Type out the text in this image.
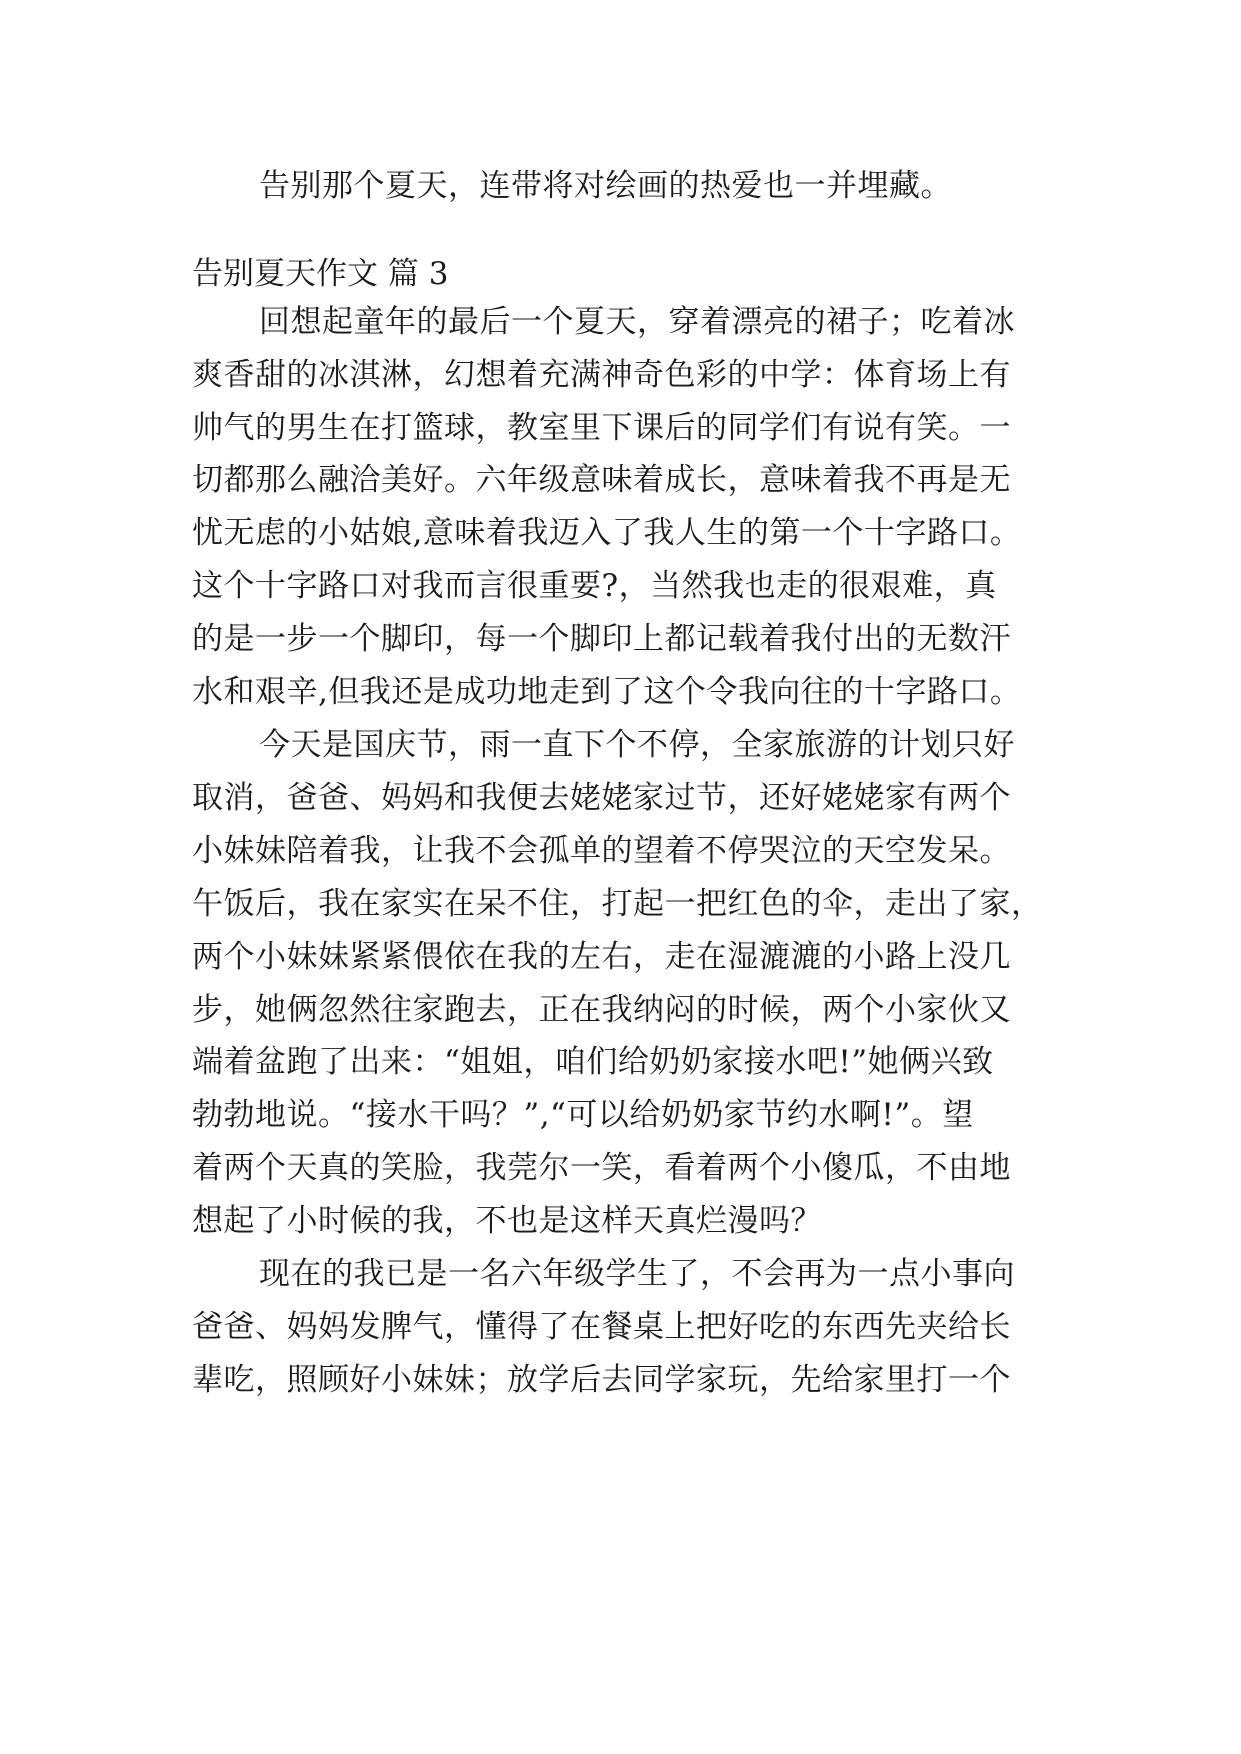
告别那个夏天，连带将对绘画的热爱也一并埋藏。
告别夏天作文 篇 3
回想起童年的最后一个夏天，穿着漂亮的裙子；吃着冰
爽香甜的冰淇淋，幻想着充满神奇色彩的中学：体育场上有
帅气的男生在打篮球，教室里下课后的同学们有说有笑。一
切都那么融洽美好。六年级意味着成长，意味着我不再是无
忧无虑的小姑娘,意味着我迈入了我人生的第一个十字路口。
这个十字路口对我而言很重要?，当然我也走的很艰难，真
的是一步一个脚印，每一个脚印上都记载着我付出的无数汗
水和艰辛,但我还是成功地走到了这个令我向往的十字路口。
今天是国庆节，雨一直下个不停，全家旅游的计划只好
取消，爸爸、妈妈和我便去姥姥家过节，还好姥姥家有两个
小妹妹陪着我，让我不会孤单的望着不停哭泣的天空发呆。
午饭后，我在家实在呆不住，打起一把红色的伞，走出了家，
两个小妹妹紧紧偎依在我的左右，走在湿漉漉的小路上没几
步，她俩忽然往家跑去，正在我纳闷的时候，两个小家伙又
端着盆跑了出来：“姐姐，咱们给奶奶家接水吧!”她俩兴致
勃勃地说。“接水干吗？”,“可以给奶奶家节约水啊!”。望
着两个天真的笑脸，我莞尔一笑，看着两个小傻瓜，不由地
想起了小时候的我，不也是这样天真烂漫吗？
现在的我已是一名六年级学生了，不会再为一点小事向
爸爸、妈妈发脾气，懂得了在餐桌上把好吃的东西先夹给长
辈吃，照顾好小妹妹；放学后去同学家玩，先给家里打一个
